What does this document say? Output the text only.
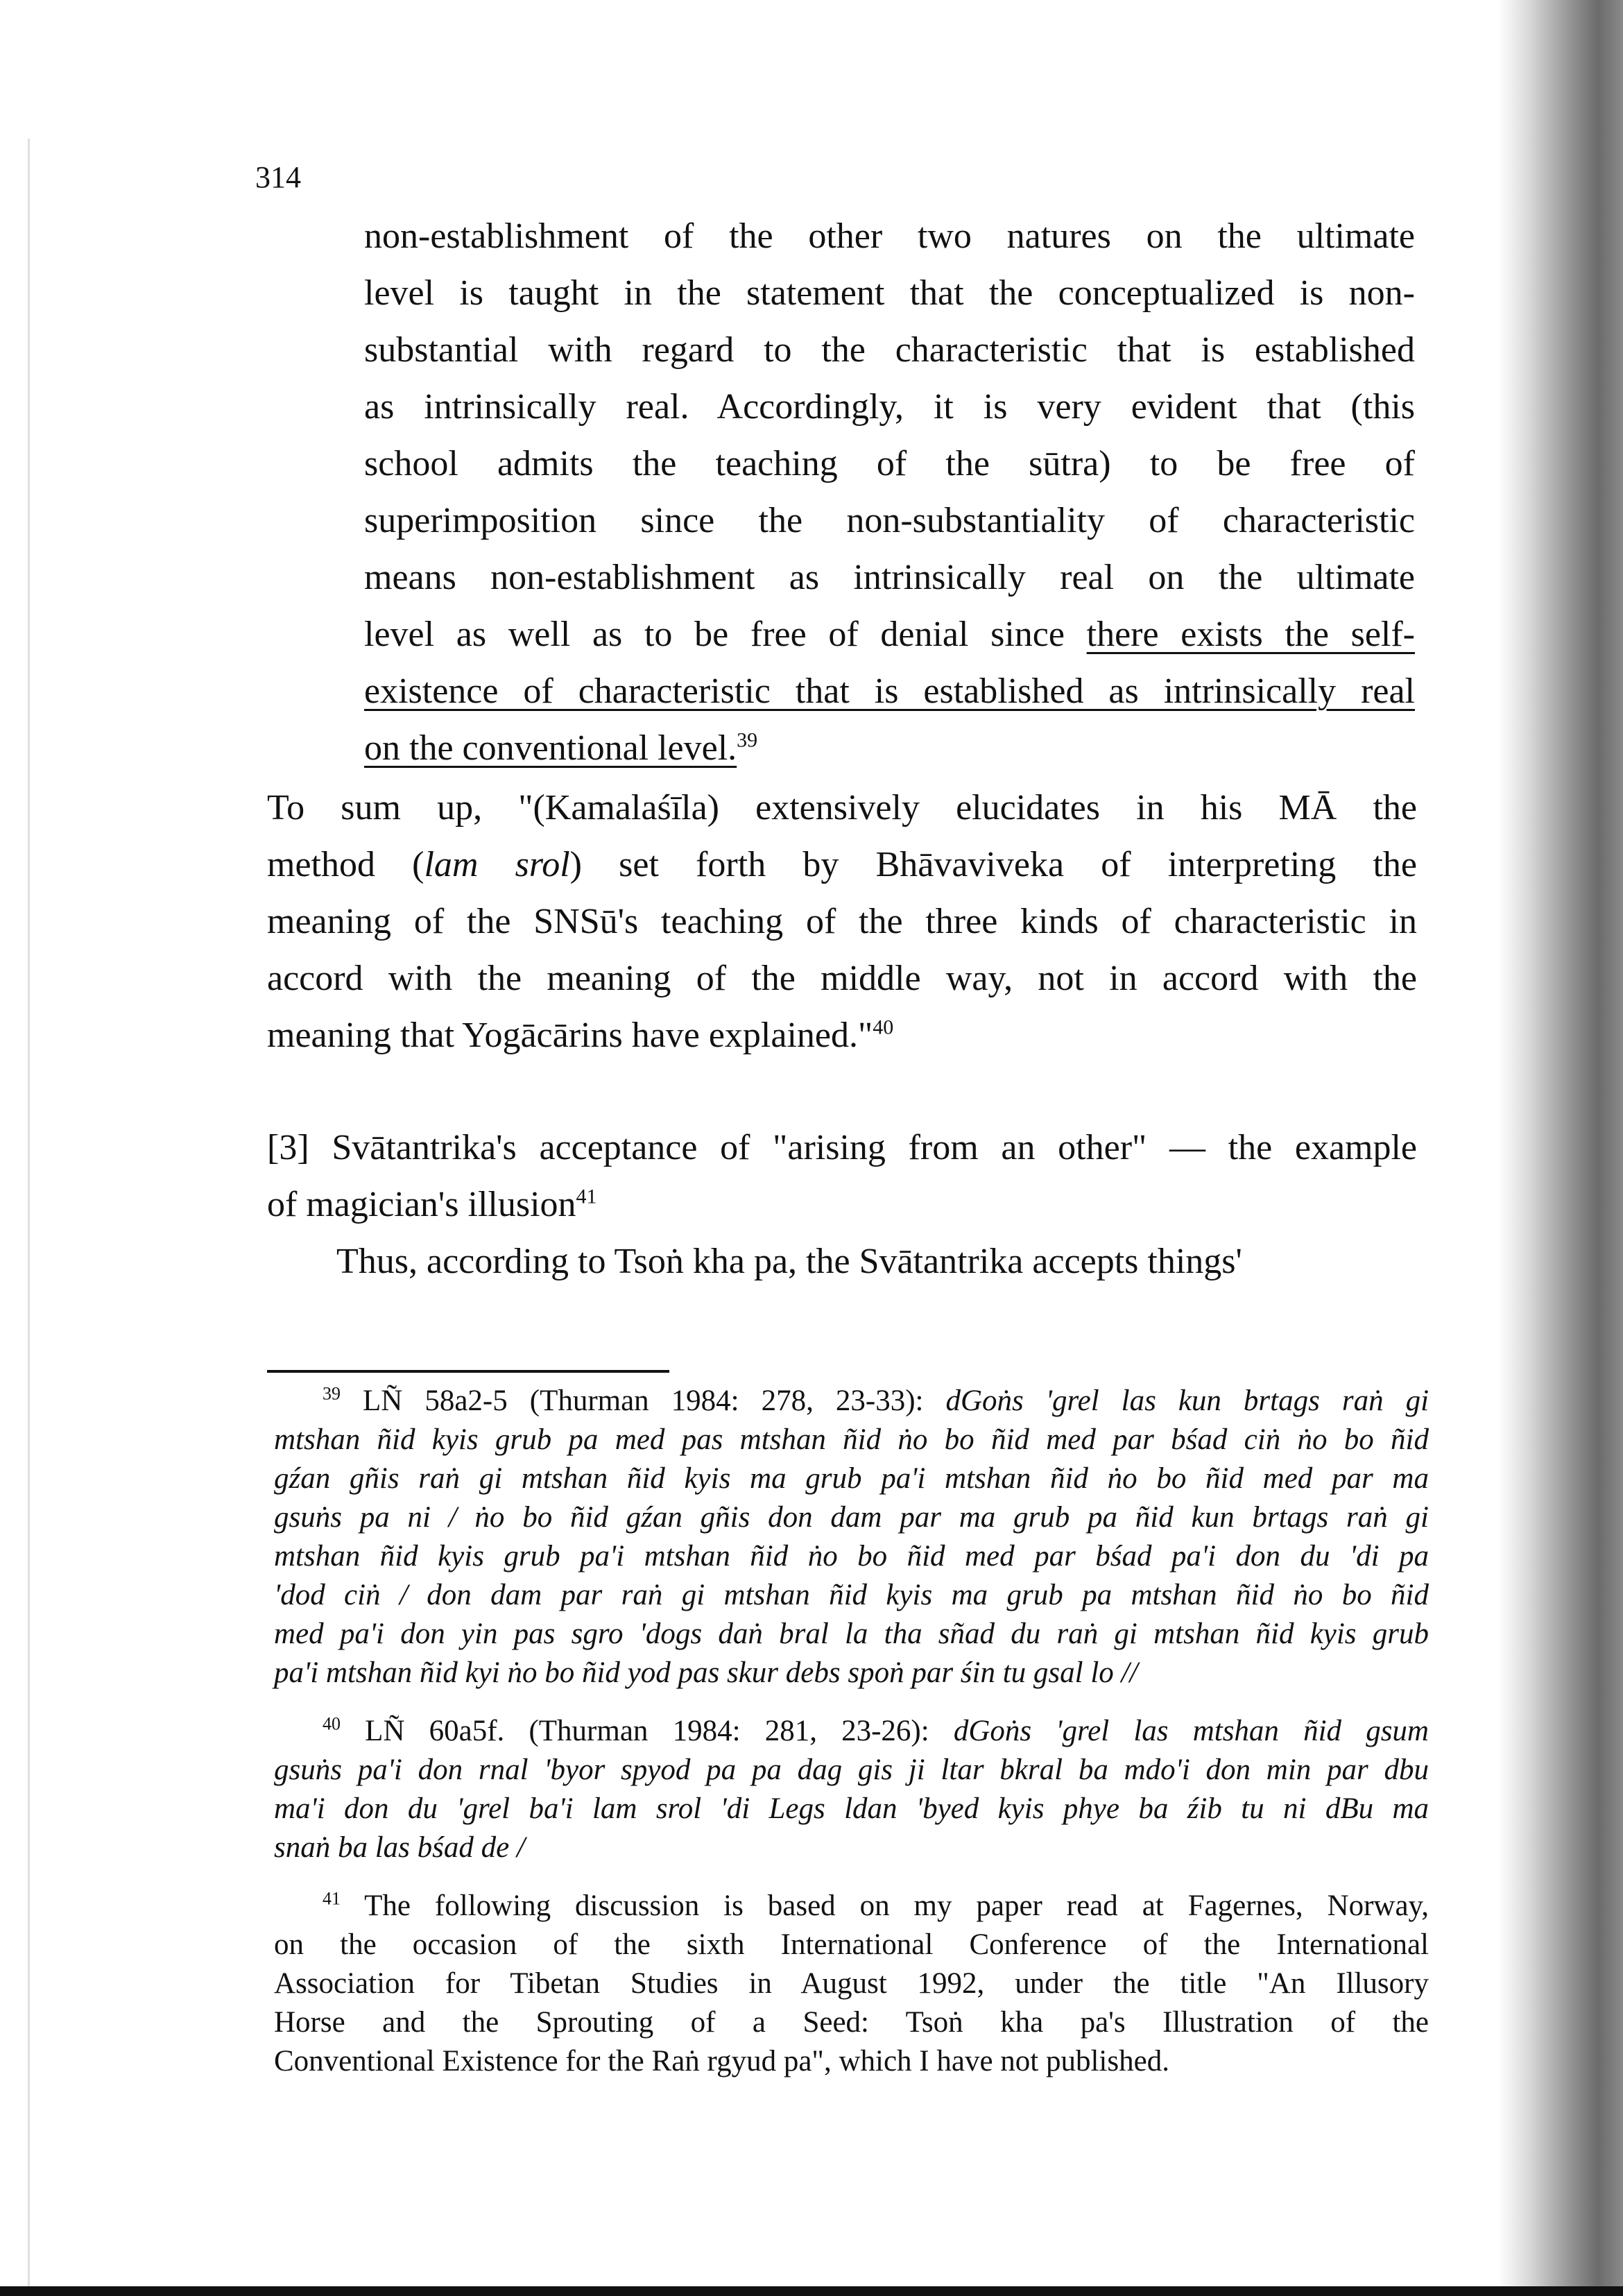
314
non-establishment of the other two natures on the ultimate
level is taught in the statement that the conceptualized is non-
substantial with regard to the characteristic that is established
as intrinsically real. Accordingly, it is very evident that (this
school admits the teaching of the sūtra) to be free of
superimposition since the non-substantiality of characteristic
means non-establishment as intrinsically real on the ultimate
level as well as to be free of denial since there exists the self-
existence of characteristic that is established as intrinsically real
on the conventional level.$^{39}$
To sum up, "(Kamalaśīla) extensively elucidates in his MĀ the
method (lam srol) set forth by Bhāvaviveka of interpreting the
meaning of the SNSū's teaching of the three kinds of characteristic in
accord with the meaning of the middle way, not in accord with the
meaning that Yogācārins have explained."$^{40}$
[3] Svātantrika's acceptance of "arising from an other" — the example
of magician's illusion$^{41}$
Thus, according to Tsoṅ kha pa, the Svātantrika accepts things'
$^{39}$ LÑ 58a2-5 (Thurman 1984: 278, 23-33): dGoṅs 'grel las kun brtags raṅ gi
mtshan ñid kyis grub pa med pas mtshan ñid ṅo bo ñid med par bśad ciṅ ṅo bo ñid
gźan gñis raṅ gi mtshan ñid kyis ma grub pa'i mtshan ñid ṅo bo ñid med par ma
gsuṅs pa ni / ṅo bo ñid gźan gñis don dam par ma grub pa ñid kun brtags raṅ gi
mtshan ñid kyis grub pa'i mtshan ñid ṅo bo ñid med par bśad pa'i don du 'di pa
'dod ciṅ / don dam par raṅ gi mtshan ñid kyis ma grub pa mtshan ñid ṅo bo ñid
med pa'i don yin pas sgro 'dogs daṅ bral la tha sñad du raṅ gi mtshan ñid kyis grub
pa'i mtshan ñid kyi ṅo bo ñid yod pas skur debs spoṅ par śin tu gsal lo //
$^{40}$ LÑ 60a5f. (Thurman 1984: 281, 23-26): dGoṅs 'grel las mtshan ñid gsum
gsuṅs pa'i don rnal 'byor spyod pa pa dag gis ji ltar bkral ba mdo'i don min par dbu
ma'i don du 'grel ba'i lam srol 'di Legs ldan 'byed kyis phye ba źib tu ni dBu ma
snaṅ ba las bśad de /
$^{41}$ The following discussion is based on my paper read at Fagernes, Norway,
on the occasion of the sixth International Conference of the International
Association for Tibetan Studies in August 1992, under the title "An Illusory
Horse and the Sprouting of a Seed: Tsoṅ kha pa's Illustration of the
Conventional Existence for the Raṅ rgyud pa", which I have not published.
